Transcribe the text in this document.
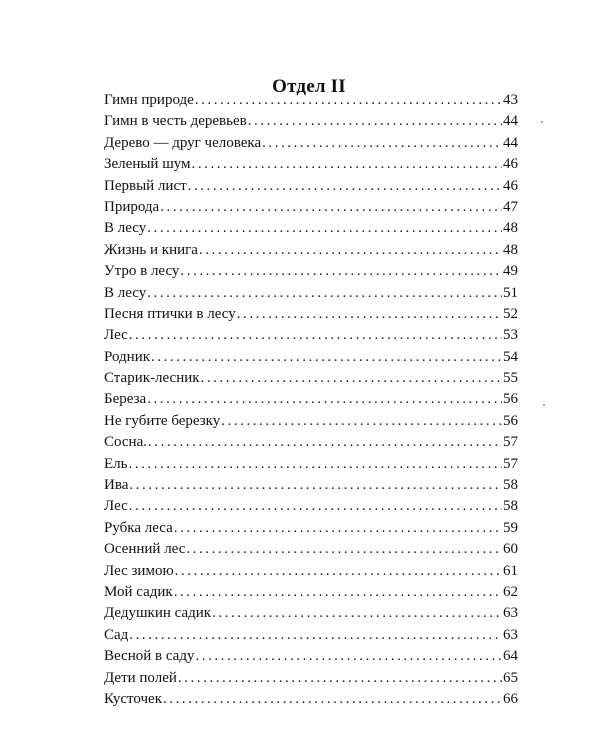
Отдел II
Гимн природе . . .	43
Гимн в честь деревьев . . .	44
Дерево — друг человека . . .	44
Зеленый шум . . .	46
Первый лист . . .	46
Природа . . .	47
В лесу . . .	48
Жизнь и книга . . .	48
Утро в лесу . . .	49
В лесу . . .	51
Песня птички в лесу . . .	52
Лес . . .	53
Родник . . .	54
Старик-лесник . . .	55
Береза . . .	56
Не губите березку . . .	56
Сосна. . . .	57
Ель . . .	57
Ива . . .	58
Лес . . .	58
Рубка леса . . .	59
Осенний лес . . .	60
Лес зимою . . .	61
Мой садик . . .	62
Дедушкин садик . . .	63
Сад . . .	63
Весной в саду . . .	64
Дети полей . . .	65
Кусточек . . .	66
